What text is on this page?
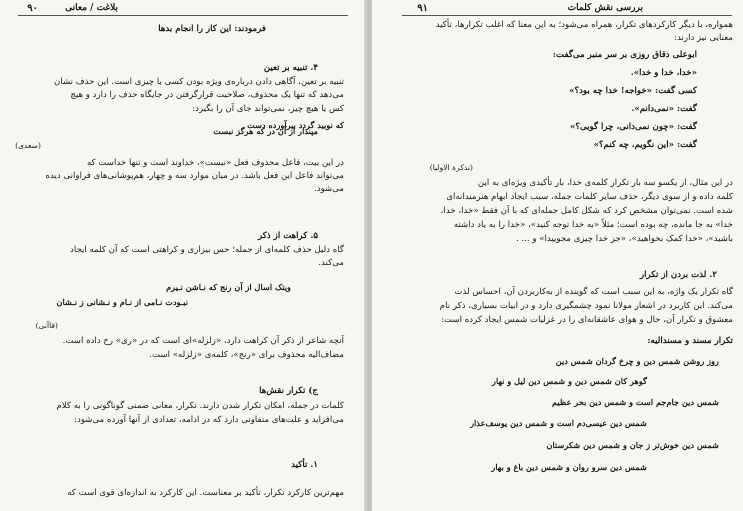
۹۰	بلاغت / معانی
فرمودند: این کار را انجام بدها
۴. تنبیه بر تعین
تنبیه بر تعین، آگاهی دادن درباره‌ی ویژه بودن کسی یا چیزی است. این حذف نشان
می‌دهد که تنها یک محذوف، صلاحیت قرارگرفتن در جایگاه حذف را دارد و هیچ
کس یا هیچ چیز، نمی‌تواند جای آن را بگیرد:
که نوبید گردد بیرآورده دست
مپندار از آن در که هرگز نبست
(سعدی)
در این بیت، فاعل محذوف فعل «نبست»، خداوند است و تنها خداست که
می‌تواند فاعل این فعل باشد. در میان موارد سه و چهار، هم‌پوشانی‌های فراوانی دیده
می‌شود.
۵. کراهت از ذکر
گاه دلیل حذف کلمه‌ای از جمله؛ حس بیزاری و کراهتی است که آن کلمه ایجاد
می‌کند.
ویتک اسال از آن رنج که نـاشن نـیرم
نبـودت نـامی از نـام و نـشانی ز نـشان
(قاآنی)
آنچه شاعر از ذکر آن کراهت دارد، «زلزله»ای است که در «ری» رخ داده است.
مضاف‌الیه محذوف برای «رنج»، کلمه‌ی «زلزله» است.
ج) تکرار نقش‌ها
کلمات در جمله، امکان تکرار شدن دارند. تکرار، معانی ضمنی گوناگونی را به کلام
می‌افزاید و علت‌های متفاوتی دارد که در ادامه، تعدادی از آنها آورده می‌شود:
۱. تأکید
مهم‌ترین کارکرد تکرار، تأکید بر معناست. این کارکرد به اندازه‌ای قوی است که
۹۱	بررسی نقش کلمات
همواره، با دیگر کارکردهای تکرار، همراه می‌شود؛ به این معنا که اغلب تکرارها، تأکید
معنایی نیز دارند:
ابوعلی دقاق روزی بر سر منبر می‌گفت:
«خدا، خدا و خدا».
کسی گفت: «خواجه! خدا چه بود؟»
گفت: «نمی‌دانم».
گفت: «چون نمی‌دانی، چرا گویی؟»
گفت: «این نگویم، چه کنم؟»
(تذکرة الاولیا)
در این مثال، از یکسو سه بار تکرار کلمه‌ی خدا، بار تأکیدی ویژه‌ای به این
کلمه داده و از سوی دیگر، حذف سایر کلمات جمله، سبب ایجاد ابهام هنرمندانه‌ای
شده است. نمی‌توان مشخص کرد که شکل کامل جمله‌ای که با آن فقط «خدا، خدا،
خدا» به جا مانده، چه بوده است؛ مثلاً «به خدا توجه کنید»، «خدا را به یاد داشته
باشید»، «خدا کمک بخواهید»، «جز خدا چیزی مجوییدا» و ... .
۲. لذت بردن از تکرار
گاه تکرار یک واژه، به این سبب است که گوینده از به‌کاربردن آن، احساس لذت
می‌کند. این کاربرد در اشعار مولانا نمود چشمگیری دارد و در ابیات بسیاری، ذکر نام
معشوق و تکرار آن، حال و هوای عاشقانه‌ای را در غزلیات شمس ایجاد کرده است:
تکرار مسند و مسندالیه:
روز روشن شمس دین و چرخ گردان شمس دین
گوهر کان شمس دین و شمس دین لیل و نهار
شمس دین جام‌جم است و شمس دین بحر عظیم
شمس دین عیسی‌دم است و شمس دین یوسف‌عذار
شمس دین خوش‌تر ز جان و شمس دین شکرستان
شمس دین سرو روان و شمس دین باغ و بهار
